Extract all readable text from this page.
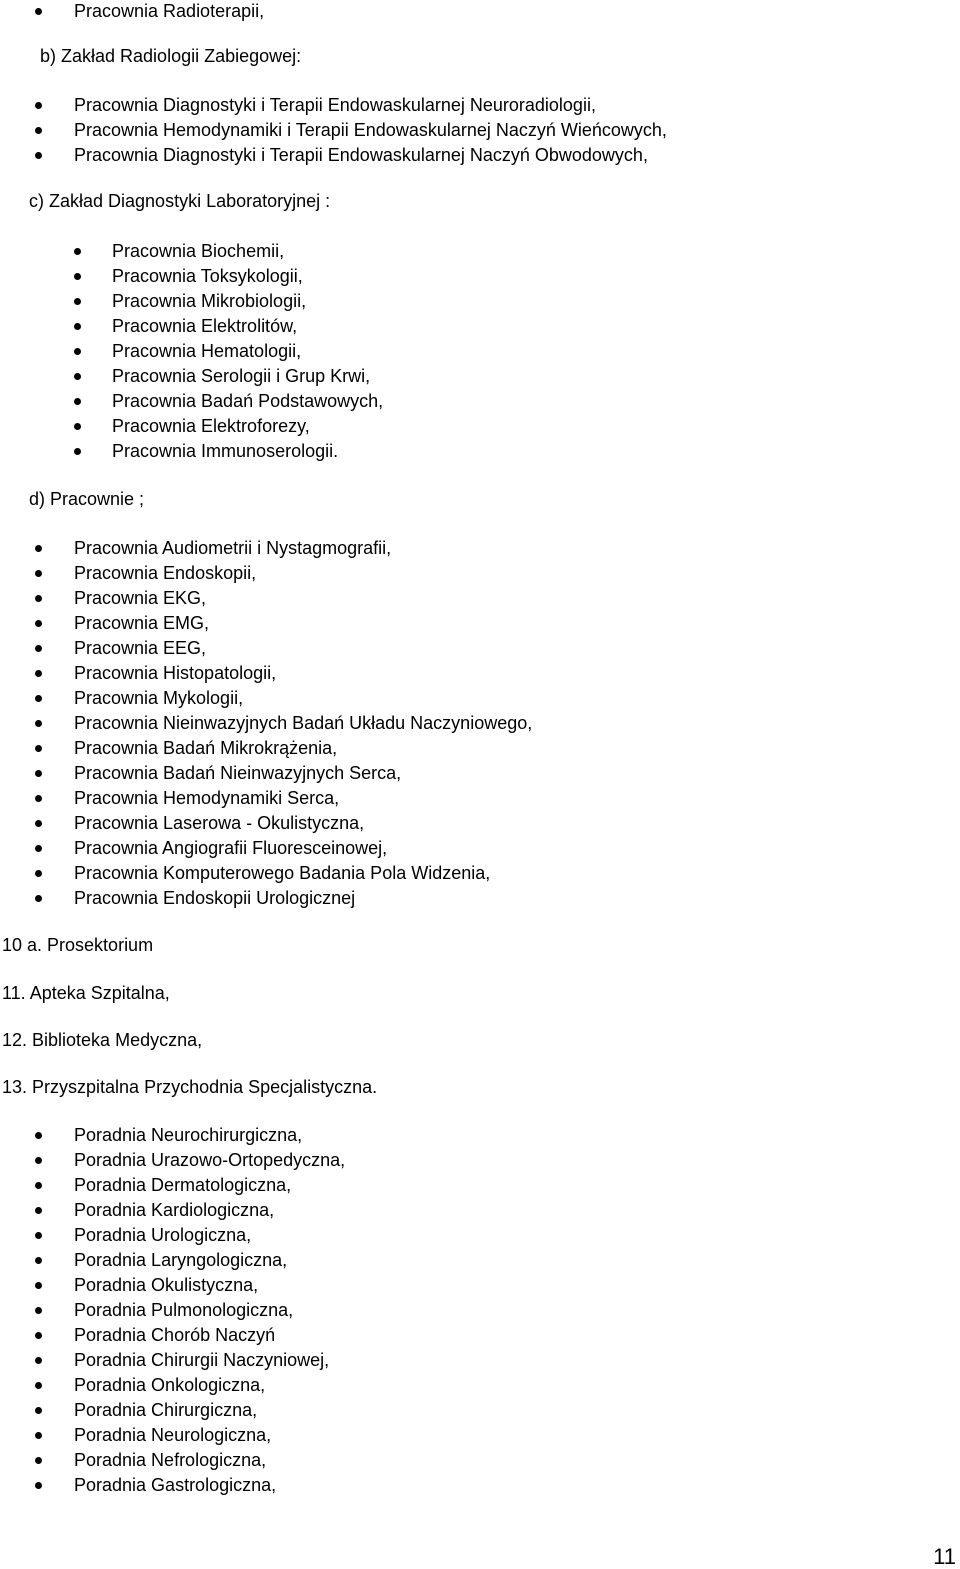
Pracownia Radioterapii,
b) Zakład Radiologii Zabiegowej:
Pracownia Diagnostyki i Terapii Endowaskularnej Neuroradiologii,
Pracownia Hemodynamiki i Terapii Endowaskularnej Naczyń Wieńcowych,
Pracownia Diagnostyki i Terapii Endowaskularnej Naczyń Obwodowych,
c) Zakład Diagnostyki Laboratoryjnej :
Pracownia Biochemii,
Pracownia Toksykologii,
Pracownia Mikrobiologii,
Pracownia Elektrolitów,
Pracownia Hematologii,
Pracownia Serologii i Grup Krwi,
Pracownia Badań Podstawowych,
Pracownia Elektroforezy,
Pracownia Immunoserologii.
d) Pracownie ;
Pracownia Audiometrii i Nystagmografii,
Pracownia Endoskopii,
Pracownia EKG,
Pracownia EMG,
Pracownia EEG,
Pracownia Histopatologii,
Pracownia Mykologii,
Pracownia Nieinwazyjnych Badań Układu Naczyniowego,
Pracownia Badań Mikrokrążenia,
Pracownia Badań Nieinwazyjnych Serca,
Pracownia Hemodynamiki Serca,
Pracownia Laserowa - Okulistyczna,
Pracownia Angiografii Fluoresceinowej,
Pracownia Komputerowego Badania Pola Widzenia,
Pracownia Endoskopii Urologicznej
10 a. Prosektorium
11. Apteka Szpitalna,
12. Biblioteka Medyczna,
13. Przyszpitalna Przychodnia Specjalistyczna.
Poradnia Neurochirurgiczna,
Poradnia Urazowo-Ortopedyczna,
Poradnia Dermatologiczna,
Poradnia Kardiologiczna,
Poradnia Urologiczna,
Poradnia Laryngologiczna,
Poradnia Okulistyczna,
Poradnia Pulmonologiczna,
Poradnia Chorób Naczyń
Poradnia Chirurgii Naczyniowej,
Poradnia Onkologiczna,
Poradnia Chirurgiczna,
Poradnia Neurologiczna,
Poradnia Nefrologiczna,
Poradnia Gastrologiczna,
11
